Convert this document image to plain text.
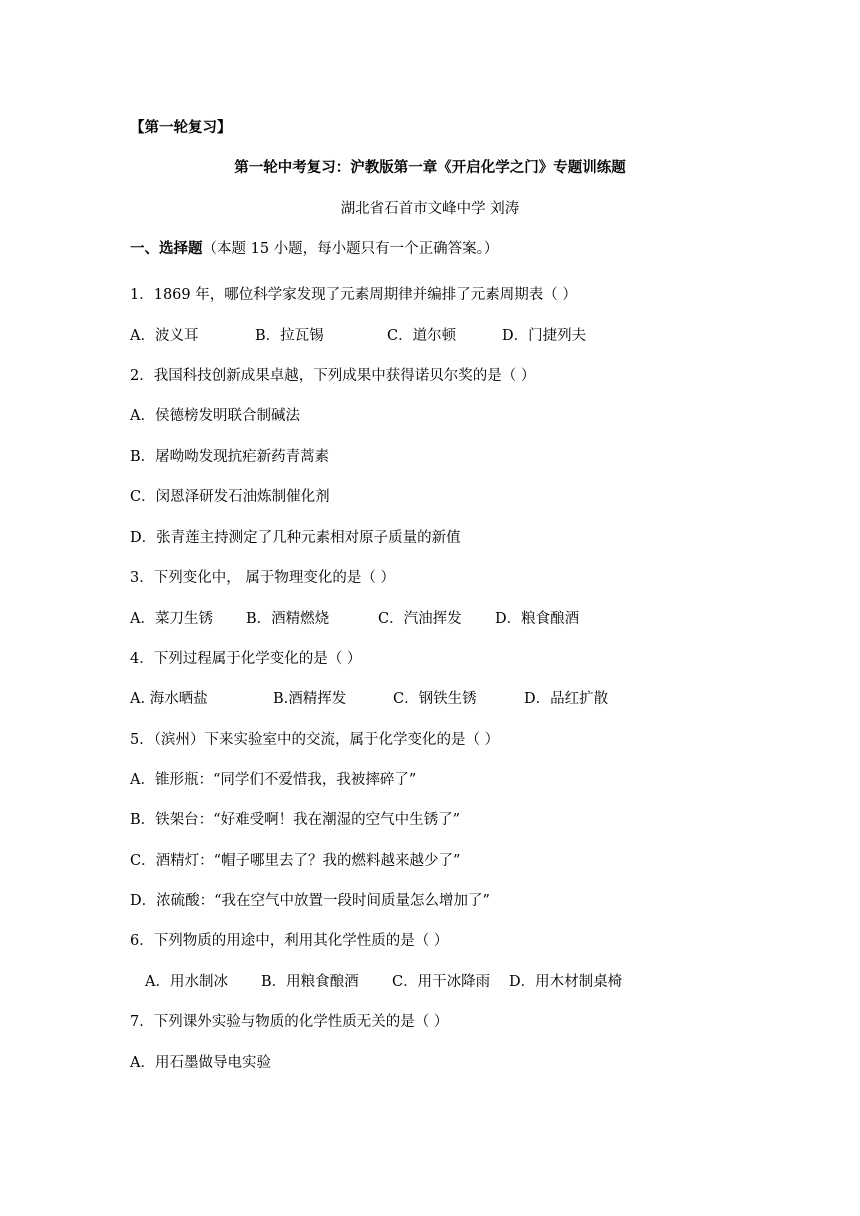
【第一轮复习】
第一轮中考复习：沪教版第一章《开启化学之门》专题训练题
湖北省石首市文峰中学 刘涛
一、选择题（本题 15 小题，每小题只有一个正确答案。）
1．1869 年，哪位科学家发现了元素周期律并编排了元素周期表（ ）
A．波义耳	B．拉瓦锡	C．道尔顿	D．门捷列夫
2．我国科技创新成果卓越，下列成果中获得诺贝尔奖的是（ ）
A．侯德榜发明联合制碱法
B．屠呦呦发现抗疟新药青蒿素
C．闵恩泽研发石油炼制催化剂
D．张青莲主持测定了几种元素相对原子质量的新值
3．下列变化中， 属于物理变化的是（ ）
A．菜刀生锈 B．酒精燃烧	C．汽油挥发 D．粮食酿酒
4．下列过程属于化学变化的是（ ）
A. 海水晒盐	B.酒精挥发	C．钢铁生锈	D．品红扩散
5．（滨州）下来实验室中的交流，属于化学变化的是（ ）
A．锥形瓶：“同学们不爱惜我，我被摔碎了”
B．铁架台：“好难受啊！我在潮湿的空气中生锈了”
C．酒精灯：“帽子哪里去了？我的燃料越来越少了”
D．浓硫酸：“我在空气中放置一段时间质量怎么增加了”
6．下列物质的用途中，利用其化学性质的是（ ）
A．用水制冰 B．用粮食酿酒 C．用干冰降雨 D．用木材制桌椅
7．下列课外实验与物质的化学性质无关的是（ ）
A．用石墨做导电实验
